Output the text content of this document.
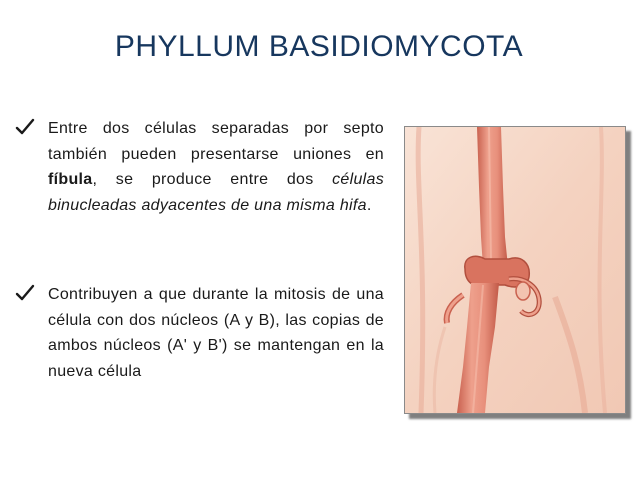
PHYLLUM BASIDIOMYCOTA
Entre dos células separadas por septo también pueden presentarse uniones en fíbula, se produce entre dos células binucleadas adyacentes de una misma hifa.
Contribuyen a que durante la mitosis de una célula con dos núcleos (A y B), las copias de ambos núcleos (A' y B') se mantengan en la nueva célula
